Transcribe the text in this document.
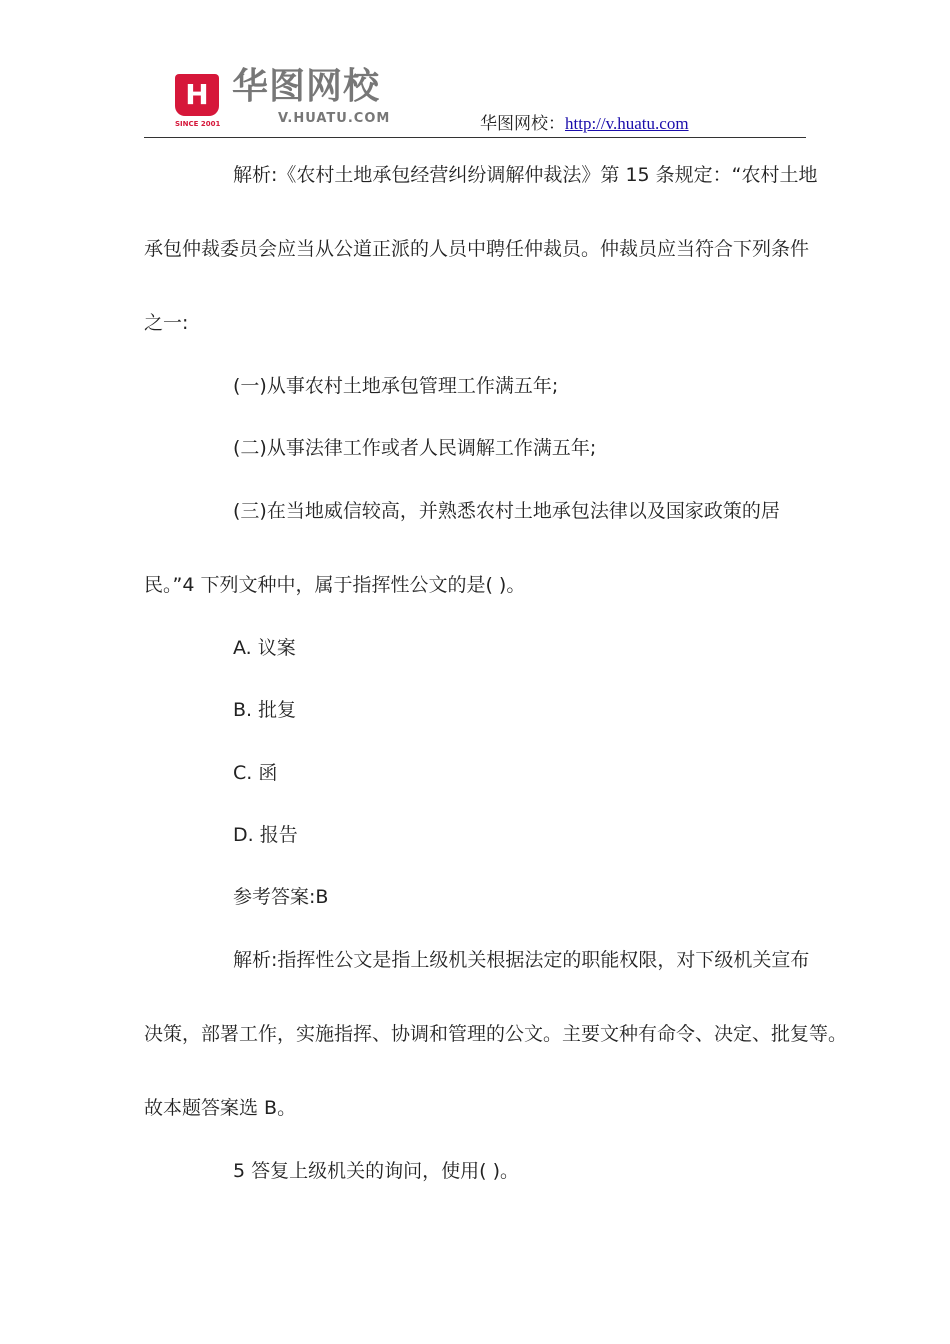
H
SINCE 2001
华图网校
V.HUATU.COM	华图网校：http://v.huatu.com
解析:《农村土地承包经营纠纷调解仲裁法》第 15 条规定：“农村土地
承包仲裁委员会应当从公道正派的人员中聘任仲裁员。仲裁员应当符合下列条件
之一:
(一)从事农村土地承包管理工作满五年;
(二)从事法律工作或者人民调解工作满五年;
(三)在当地威信较高，并熟悉农村土地承包法律以及国家政策的居
民。”4 下列文种中，属于指挥性公文的是( )。
A. 议案
B. 批复
C. 函
D. 报告
参考答案:B
解析:指挥性公文是指上级机关根据法定的职能权限，对下级机关宣布
决策，部署工作，实施指挥、协调和管理的公文。主要文种有命令、决定、批复等。
故本题答案选 B。
5 答复上级机关的询问，使用( )。
